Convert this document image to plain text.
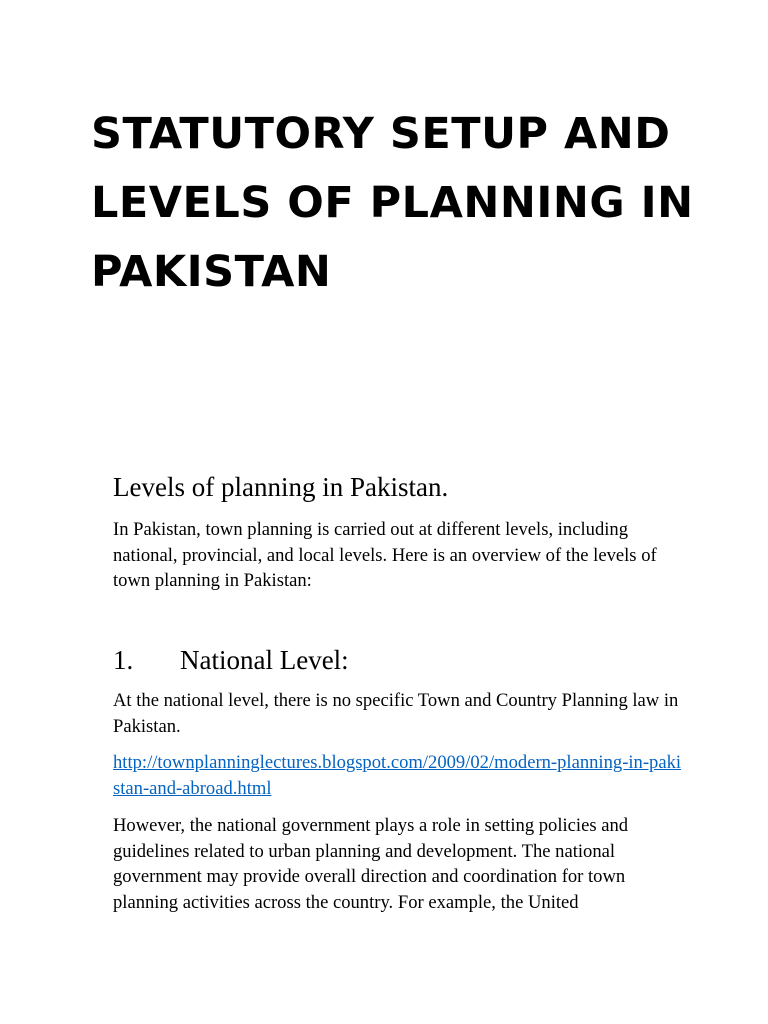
STATUTORY SETUP AND LEVELS OF PLANNING IN PAKISTAN
Levels of planning in Pakistan.

In Pakistan, town planning is carried out at different levels, including national, provincial, and local levels. Here is an overview of the levels of town planning in Pakistan:

1. National Level:

At the national level, there is no specific Town and Country Planning law in Pakistan.

http://townplanninglectures.blogspot.com/2009/02/modern-planning-in-pakistan-and-abroad.html

However, the national government plays a role in setting policies and guidelines related to urban planning and development. The national government may provide overall direction and coordination for town planning activities across the country. For example, the United
